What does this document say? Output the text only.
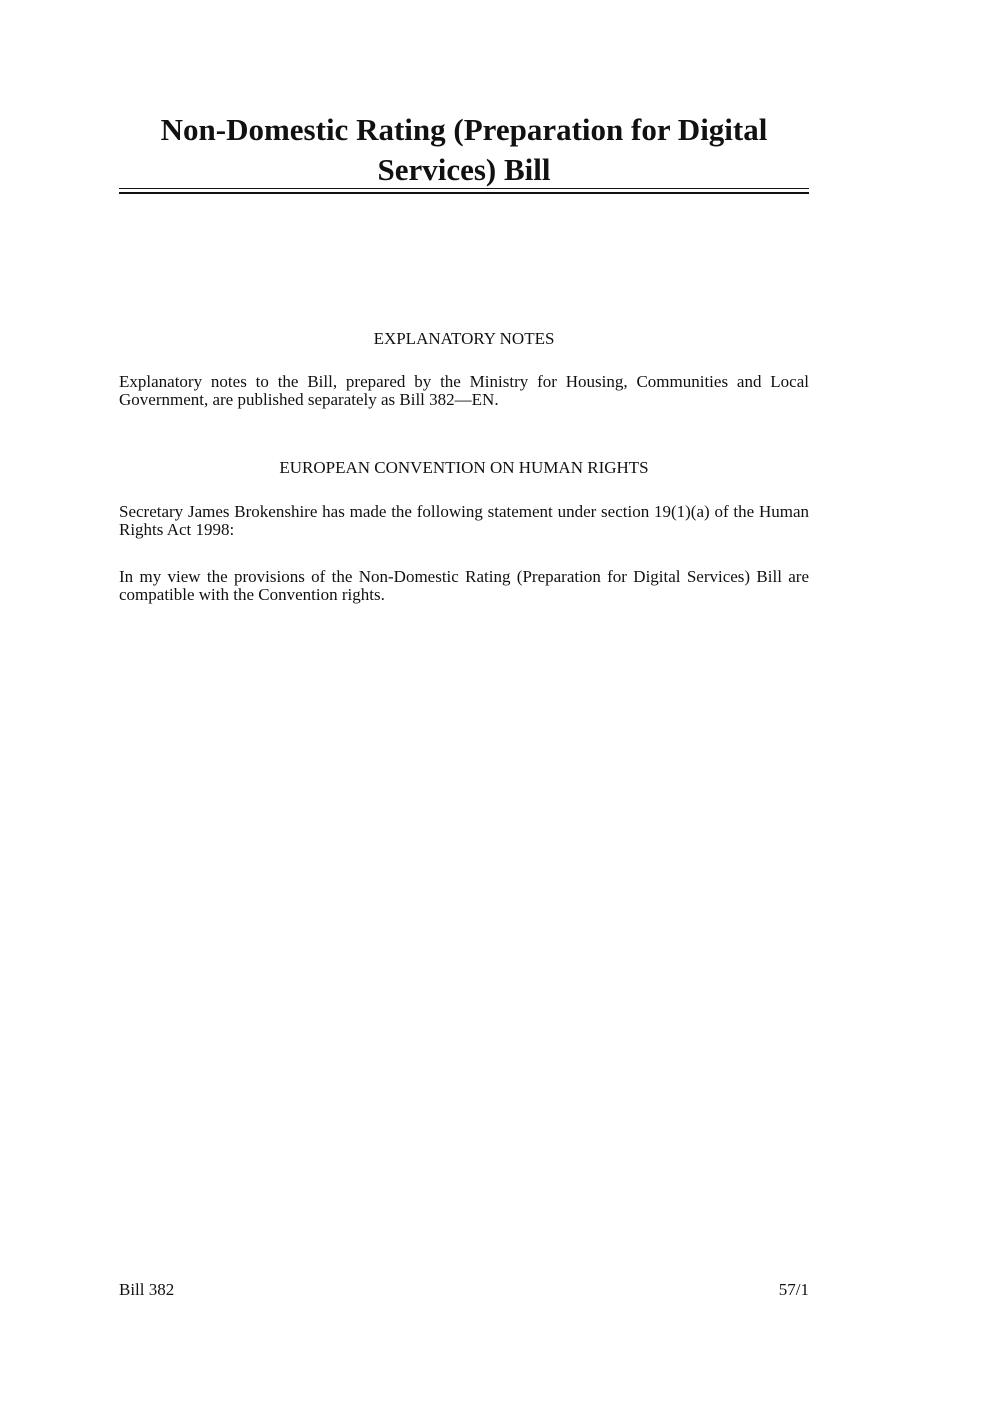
Non-Domestic Rating (Preparation for Digital Services) Bill
EXPLANATORY NOTES

Explanatory notes to the Bill, prepared by the Ministry for Housing, Communities and Local Government, are published separately as Bill 382—EN.

EUROPEAN CONVENTION ON HUMAN RIGHTS

Secretary James Brokenshire has made the following statement under section 19(1)(a) of the Human Rights Act 1998:

In my view the provisions of the Non-Domestic Rating (Preparation for Digital Services) Bill are compatible with the Convention rights.

Bill 382	57/1
